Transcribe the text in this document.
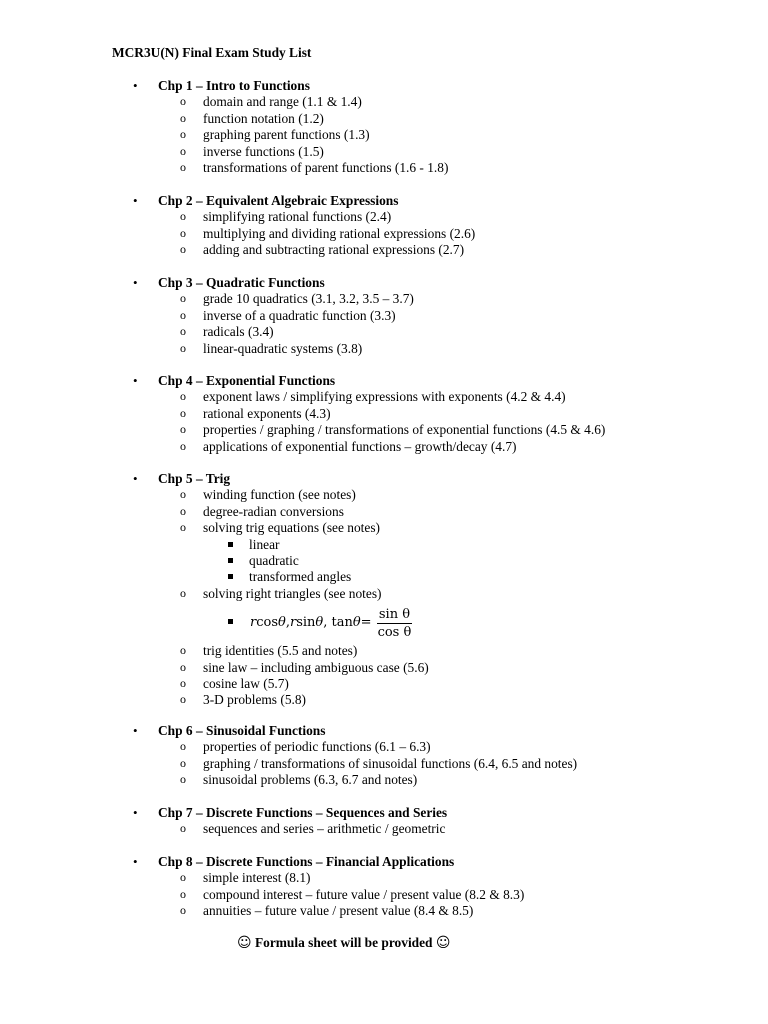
MCR3U(N) Final Exam Study List
• Chp 1 – Intro to Functions
o domain and range (1.1 & 1.4)
o function notation (1.2)
o graphing parent functions (1.3)
o inverse functions (1.5)
o transformations of parent functions (1.6 - 1.8)
• Chp 2 – Equivalent Algebraic Expressions
o simplifying rational functions (2.4)
o multiplying and dividing rational expressions (2.6)
o adding and subtracting rational expressions (2.7)
• Chp 3 – Quadratic Functions
o grade 10 quadratics (3.1, 3.2, 3.5 – 3.7)
o inverse of a quadratic function (3.3)
o radicals (3.4)
o linear-quadratic systems (3.8)
• Chp 4 – Exponential Functions
o exponent laws / simplifying expressions with exponents (4.2 & 4.4)
o rational exponents (4.3)
o properties / graphing / transformations of exponential functions (4.5 & 4.6)
o applications of exponential functions – growth/decay (4.7)
• Chp 5 – Trig
o winding function (see notes)
o degree-radian conversions
o solving trig equations (see notes)
linear
quadratic
transformed angles
o solving right triangles (see notes)
r cos θ , r sin θ , $\tan \theta = \frac{\text{sin θ}}{\text{cos θ}}$
o trig identities (5.5 and notes)
o sine law – including ambiguous case (5.6)
o cosine law (5.7)
o 3-D problems (5.8)
• Chp 6 – Sinusoidal Functions
o properties of periodic functions (6.1 – 6.3)
o graphing / transformations of sinusoidal functions (6.4, 6.5 and notes)
o sinusoidal problems (6.3, 6.7 and notes)
• Chp 7 – Discrete Functions – Sequences and Series
o sequences and series – arithmetic / geometric
• Chp 8 – Discrete Functions – Financial Applications
o simple interest (8.1)
o compound interest – future value / present value (8.2 & 8.3)
o annuities – future value / present value (8.4 & 8.5)
☺ Formula sheet will be provided ☺
